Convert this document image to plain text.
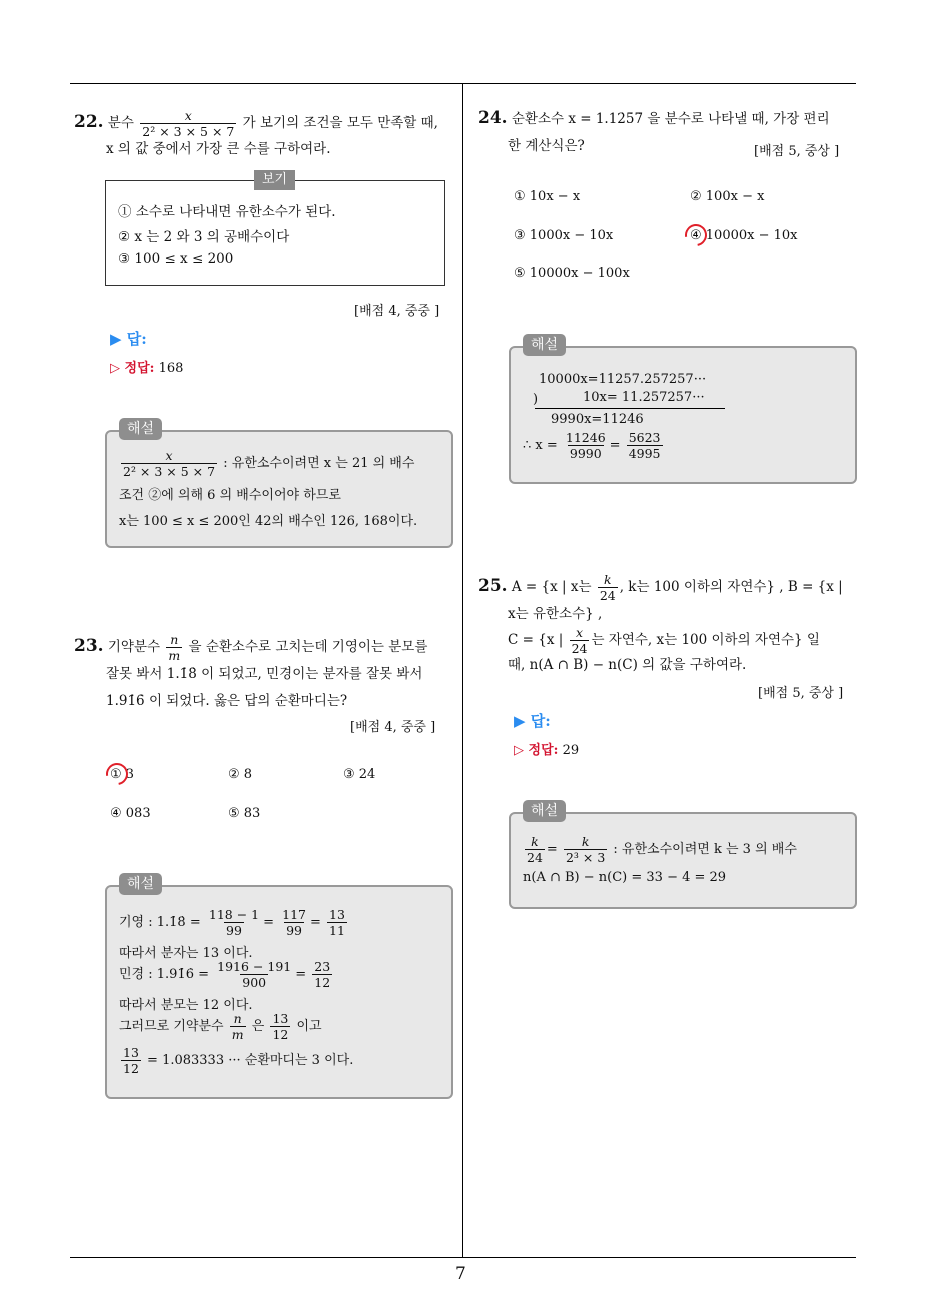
7
22. 분수 $\frac{x}{\text{2² × 3 × 5 × 7}}$ 가 보기의 조건을 모두 만족할 때,
x 의 값 중에서 가장 큰 수를 구하여라.
① 소수로 나타내면 유한소수가 된다.
② x 는 2 와 3 의 공배수이다
③ 100 ≤ x ≤ 200
보기
[배점 4, 중중 ]
▶ 답:
▷ 정답: 168
$\frac{x}{\text{2² × 3 × 5 × 7}}$ : 유한소수이려면 x 는 21 의 배수
조건 ②에 의해 6 의 배수이어야 하므로
x는 100 ≤ x ≤ 200인 42의 배수인 126, 168이다.
해설
23. 기약분수 $\frac{n}{m}$ 을 순환소수로 고치는데 기영이는 분모를
잘못 봐서 1.1̇8̇ 이 되었고, 민경이는 분자를 잘못 봐서
1.91̇6̇ 이 되었다. 옳은 답의 순환마디는?
[배점 4, 중중 ]
① 3	② 8	③ 24
④ 083	⑤ 83
기영 : 1.1̇8̇ = $\frac{118 - 1}{99} = \frac{117}{99} = \frac{13}{11}$
따라서 분자는 13 이다.
민경 : 1.91̇6̇ = $\frac{1916 - 191}{900} = \frac{23}{12}$
따라서 분모는 12 이다.
그러므로 기약분수 $\frac{n}{m}$ 은 $\frac{13}{12}$ 이고
$\frac{13}{12} = 1.083333$ ··· 순환마디는 3 이다.
해설
24. 순환소수 x = 1.12̇5̇7̇ 을 분수로 나타낼 때, 가장 편리
한 계산식은?	[배점 5, 중상 ]
① 10x − x	② 100x − x
③ 1000x − 10x	④ 10000x − 10x
⑤ 10000x − 100x
10000x=11257.257257···
)	10x= 11.257257···
9990x=11246
∴ $x = \frac{11246}{9990} = \frac{5623}{4995}$
해설
25. A = {x | x는 $\frac{k}{24}$ , k는 100 이하의 자연수} , B = {x |
x는 유한소수} ,
C = {x | $\frac{x}{24}$ 는 자연수, x는 100 이하의 자연수} 일
때, n(A ∩ B) − n(C) 의 값을 구하여라.
[배점 5, 중상 ]
▶ 답:
▷ 정답: 29
$\frac{k}{24} = \frac{k}{\text{2³ × 3}}$ : 유한소수이려면 k 는 3 의 배수
n(A ∩ B) − n(C) = 33 − 4 = 29
해설
